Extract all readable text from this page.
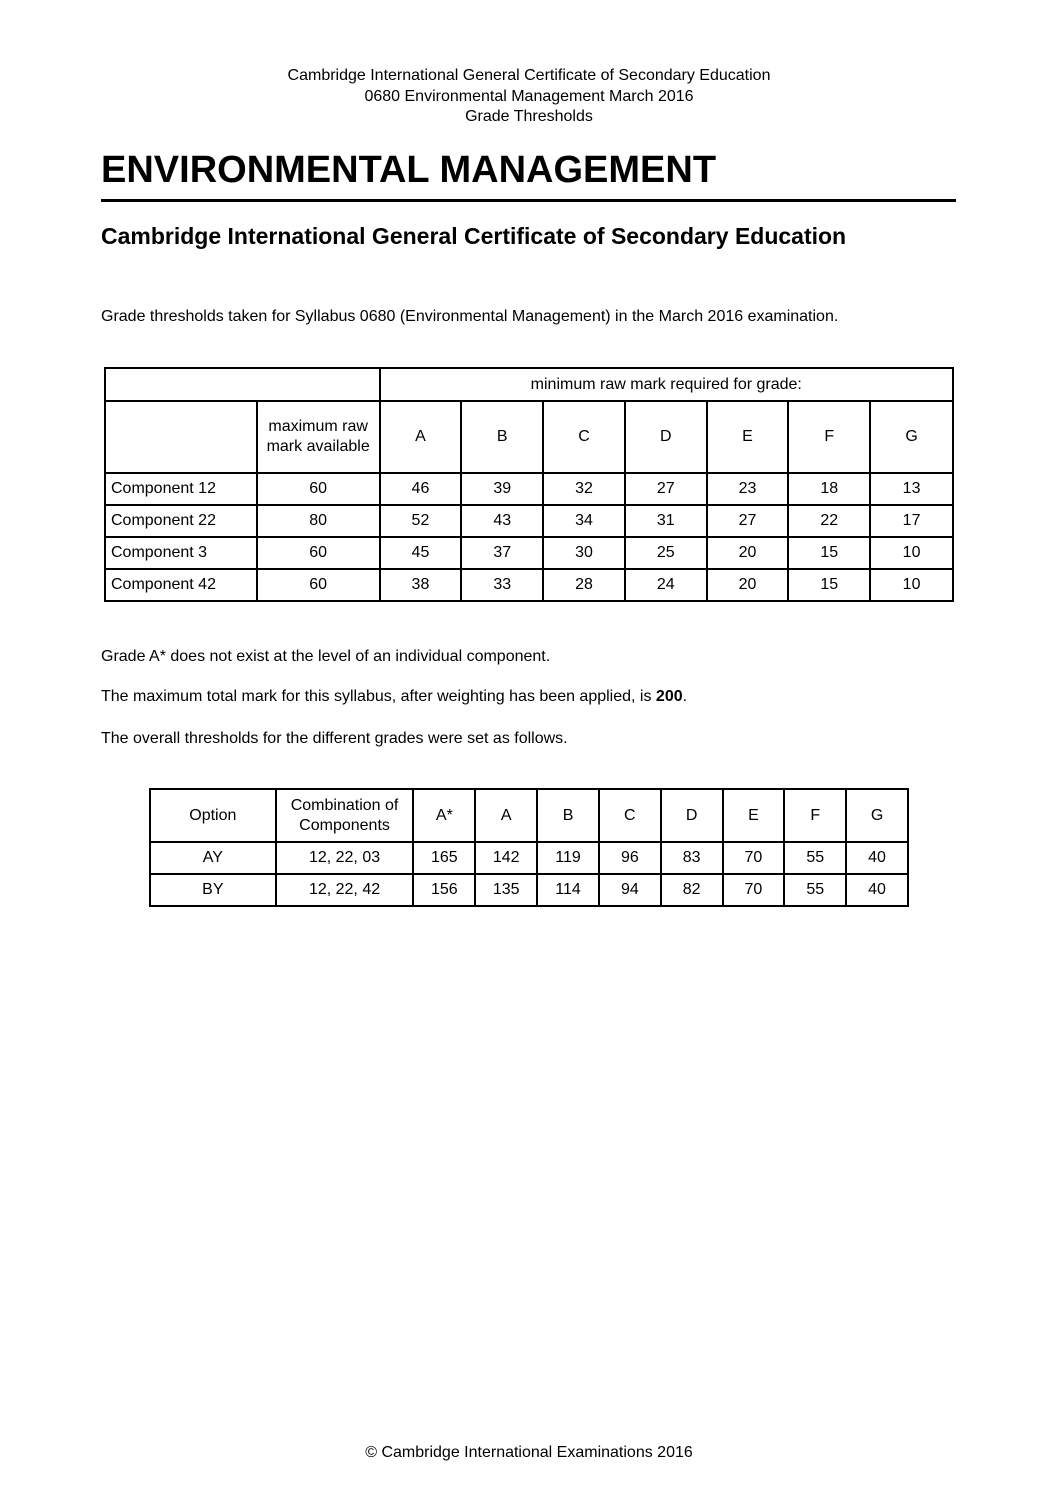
Cambridge International General Certificate of Secondary Education
0680 Environmental Management March 2016
Grade Thresholds
ENVIRONMENTAL MANAGEMENT
Cambridge International General Certificate of Secondary Education

Grade thresholds taken for Syllabus 0680 (Environmental Management) in the March 2016 examination.

		minimum raw mark required for grade:						
	maximum raw mark available	A	B	C	D	E	F	G
Component 12	60	46	39	32	27	23	18	13
Component 22	80	52	43	34	31	27	22	17
Component 3	60	45	37	30	25	20	15	10
Component 42	60	38	33	28	24	20	15	10

Grade A* does not exist at the level of an individual component.

The maximum total mark for this syllabus, after weighting has been applied, is 200.

The overall thresholds for the different grades were set as follows.

Option	Combination of Components	A*	A	B	C	D	E	F	G
AY	12, 22, 03	165	142	119	96	83	70	55	40
BY	12, 22, 42	156	135	114	94	82	70	55	40
© Cambridge International Examinations 2016
